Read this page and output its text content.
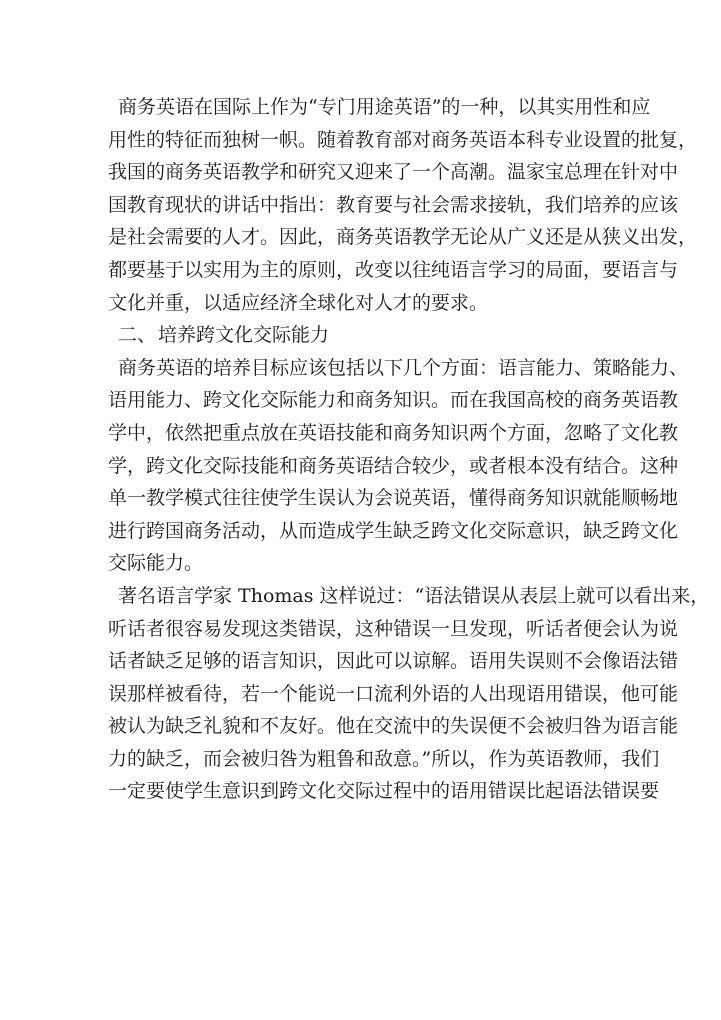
商务英语在国际上作为“专门用途英语”的一种，以其实用性和应
用性的特征而独树一帜。随着教育部对商务英语本科专业设置的批复，
我国的商务英语教学和研究又迎来了一个高潮。温家宝总理在针对中
国教育现状的讲话中指出：教育要与社会需求接轨，我们培养的应该
是社会需要的人才。因此，商务英语教学无论从广义还是从狭义出发，
都要基于以实用为主的原则，改变以往纯语言学习的局面，要语言与
文化并重，以适应经济全球化对人才的要求。
二、 培养跨文化交际能力
商务英语的培养目标应该包括以下几个方面：语言能力、策略能力、
语用能力、跨文化交际能力和商务知识。而在我国高校的商务英语教
学中，依然把重点放在英语技能和商务知识两个方面，忽略了文化教
学，跨文化交际技能和商务英语结合较少，或者根本没有结合。这种
单一教学模式往往使学生误认为会说英语，懂得商务知识就能顺畅地
进行跨国商务活动，从而造成学生缺乏跨文化交际意识，缺乏跨文化
交际能力。
著名语言学家 Thomas 这样说过：“语法错误从表层上就可以看出来，
听话者很容易发现这类错误，这种错误一旦发现，听话者便会认为说
话者缺乏足够的语言知识，因此可以谅解。语用失误则不会像语法错
误那样被看待，若一个能说一口流利外语的人出现语用错误，他可能
被认为缺乏礼貌和不友好。他在交流中的失误便不会被归咎为语言能
力的缺乏，而会被归咎为粗鲁和敌意。”所以，作为英语教师，我们
一定要使学生意识到跨文化交际过程中的语用错误比起语法错误要
